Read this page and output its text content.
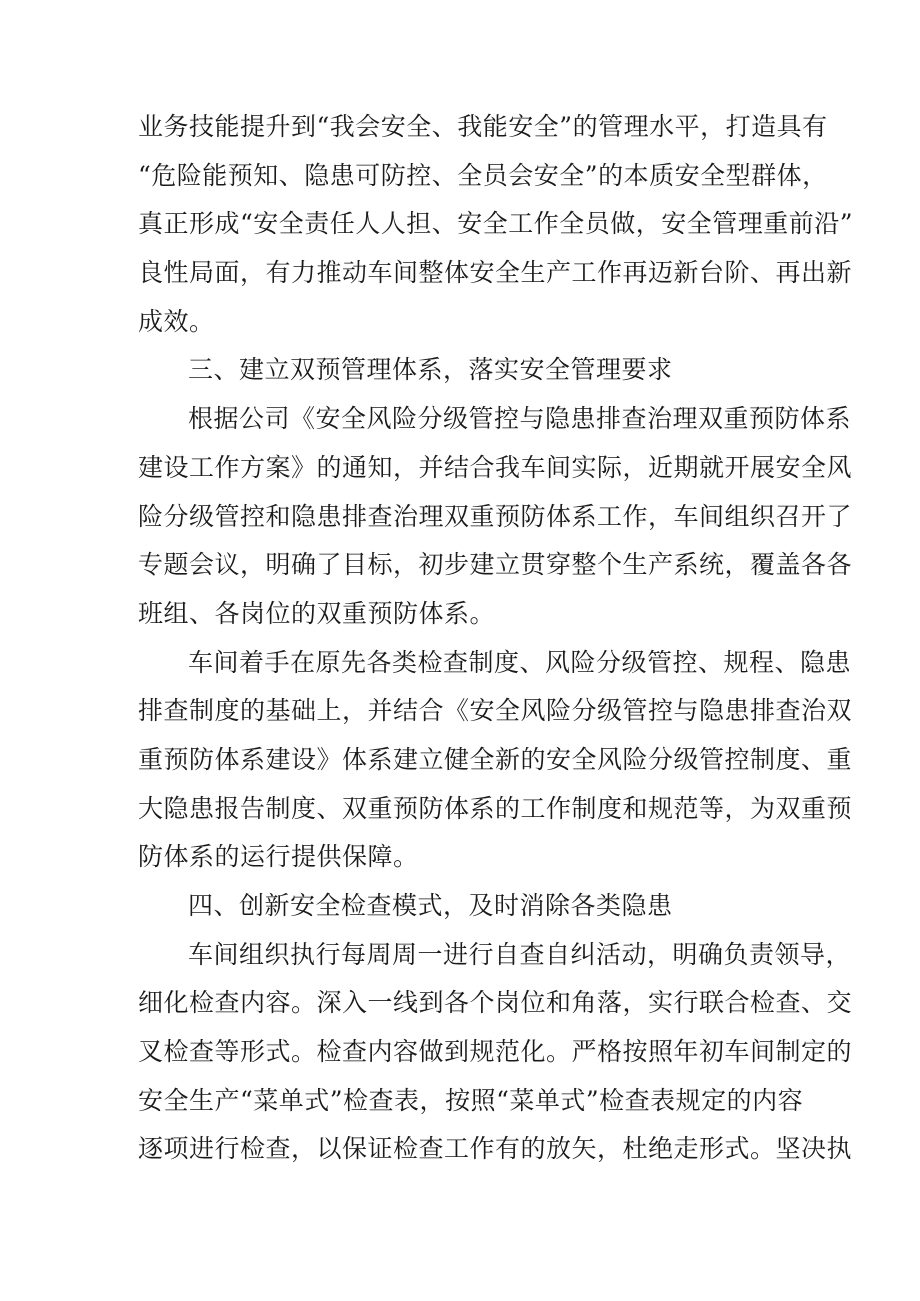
业务技能提升到“我会安全、我能安全”的管理水平，打造具有
“危险能预知、隐患可防控、全员会安全”的本质安全型群体，
真正形成“安全责任人人担、安全工作全员做，安全管理重前沿”
良性局面，有力推动车间整体安全生产工作再迈新台阶、再出新
成效。
三、建立双预管理体系，落实安全管理要求
根据公司《安全风险分级管控与隐患排查治理双重预防体系
建设工作方案》的通知，并结合我车间实际，近期就开展安全风
险分级管控和隐患排查治理双重预防体系工作，车间组织召开了
专题会议，明确了目标，初步建立贯穿整个生产系统，覆盖各各
班组、各岗位的双重预防体系。
车间着手在原先各类检查制度、风险分级管控、规程、隐患
排查制度的基础上，并结合《安全风险分级管控与隐患排查治双
重预防体系建设》体系建立健全新的安全风险分级管控制度、重
大隐患报告制度、双重预防体系的工作制度和规范等，为双重预
防体系的运行提供保障。
四、创新安全检查模式，及时消除各类隐患
车间组织执行每周周一进行自查自纠活动，明确负责领导，
细化检查内容。深入一线到各个岗位和角落，实行联合检查、交
叉检查等形式。检查内容做到规范化。严格按照年初车间制定的
安全生产“菜单式”检查表，按照“菜单式”检查表规定的内容
逐项进行检查，以保证检查工作有的放矢，杜绝走形式。坚决执
